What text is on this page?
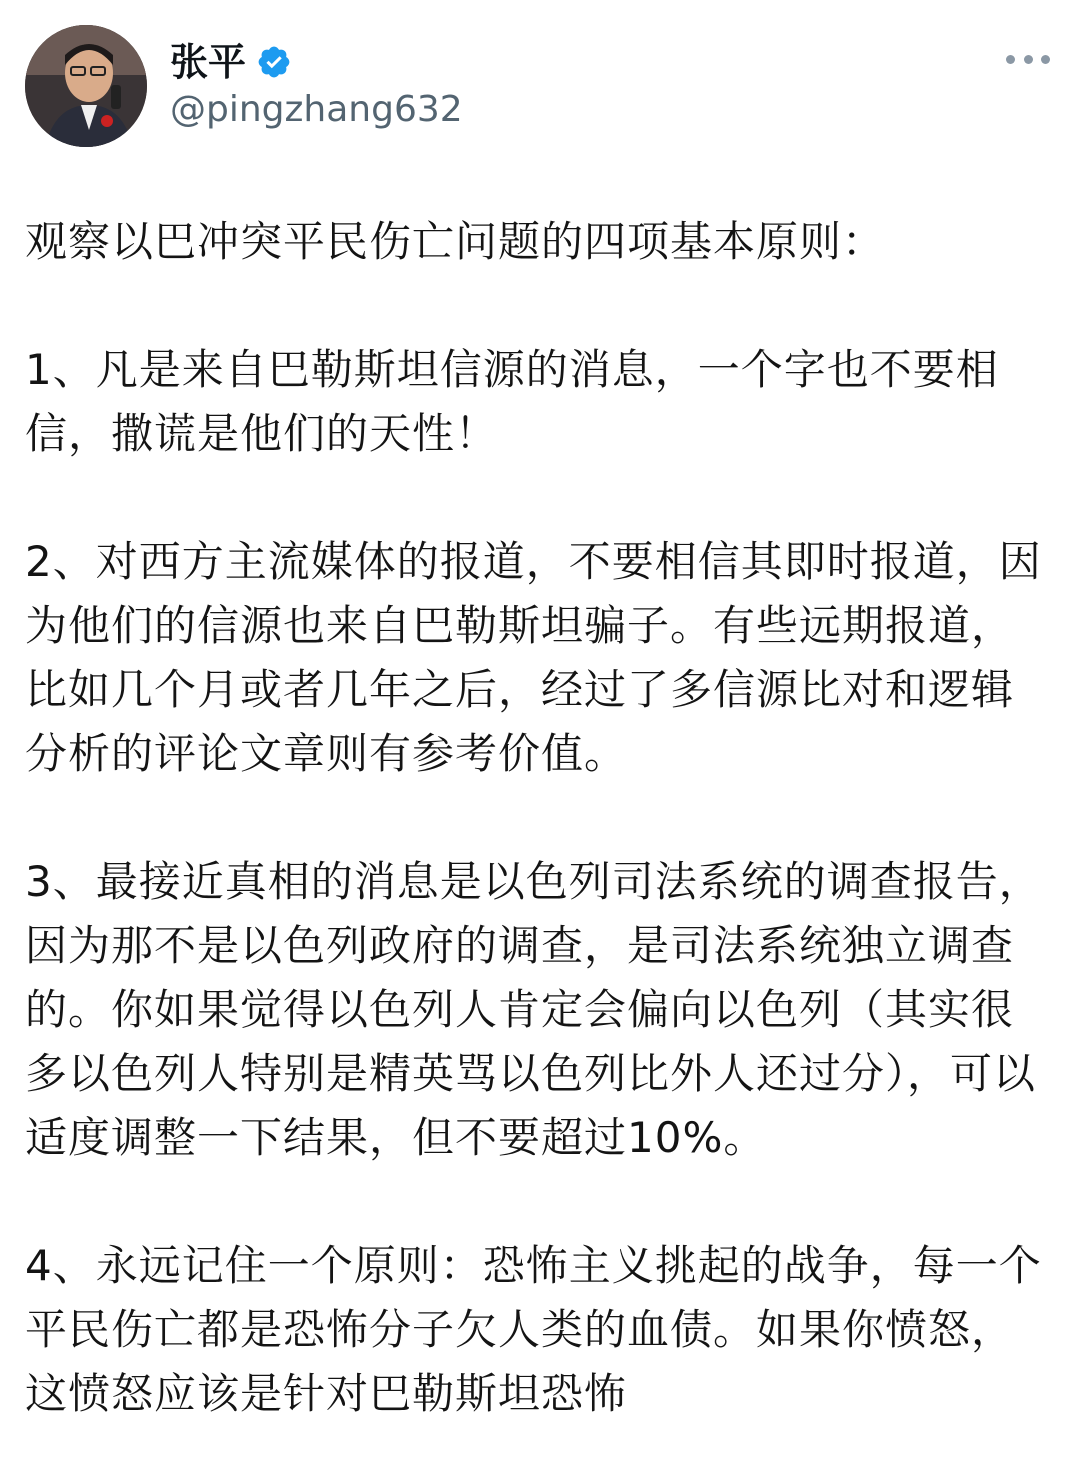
张平
@pingzhang632

观察以巴冲突平民伤亡问题的四项基本原则：

1、凡是来自巴勒斯坦信源的消息，一个字也不要相信，撒谎是他们的天性！

2、对西方主流媒体的报道，不要相信其即时报道，因为他们的信源也来自巴勒斯坦骗子。有些远期报道，比如几个月或者几年之后，经过了多信源比对和逻辑分析的评论文章则有参考价值。

3、最接近真相的消息是以色列司法系统的调查报告，因为那不是以色列政府的调查，是司法系统独立调查的。你如果觉得以色列人肯定会偏向以色列（其实很多以色列人特别是精英骂以色列比外人还过分），可以适度调整一下结果，但不要超过10%。

4、永远记住一个原则：恐怖主义挑起的战争，每一个平民伤亡都是恐怖分子欠人类的血债。如果你愤怒，这愤怒应该是针对巴勒斯坦恐怖
